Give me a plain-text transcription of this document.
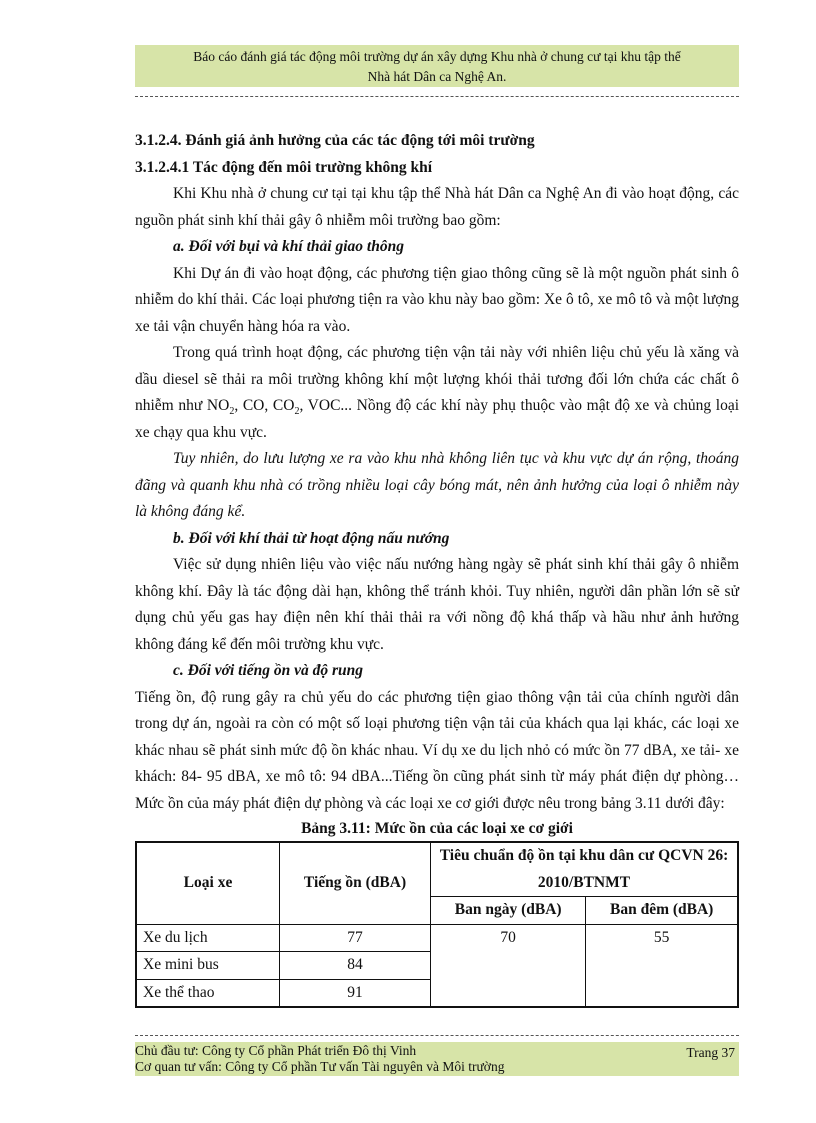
Báo cáo đánh giá tác động môi trường dự án xây dựng Khu nhà ở chung cư tại khu tập thể
Nhà hát Dân ca Nghệ An.

3.1.2.4. Đánh giá ảnh hưởng của các tác động tới môi trường

3.1.2.4.1 Tác động đến môi trường không khí

Khi Khu nhà ở chung cư tại tại khu tập thể Nhà hát Dân ca Nghệ An đi vào hoạt động, các nguồn phát sinh khí thải gây ô nhiễm môi trường bao gồm:

a. Đối với bụi và khí thải giao thông

Khi Dự án đi vào hoạt động, các phương tiện giao thông cũng sẽ là một nguồn phát sinh ô nhiễm do khí thải. Các loại phương tiện ra vào khu này bao gồm: Xe ô tô, xe mô tô và một lượng xe tải vận chuyển hàng hóa ra vào.

Trong quá trình hoạt động, các phương tiện vận tải này với nhiên liệu chủ yếu là xăng và dầu diesel sẽ thải ra môi trường không khí một lượng khói thải tương đối lớn chứa các chất ô nhiễm như $NO_2$, CO, $CO_2$, VOC... Nồng độ các khí này phụ thuộc vào mật độ xe và chủng loại xe chạy qua khu vực.

Tuy nhiên, do lưu lượng xe ra vào khu nhà không liên tục và khu vực dự án rộng, thoáng đãng và quanh khu nhà có trồng nhiều loại cây bóng mát, nên ảnh hưởng của loại ô nhiễm này là không đáng kể.

b. Đối với khí thải từ hoạt động nấu nướng

Việc sử dụng nhiên liệu vào việc nấu nướng hàng ngày sẽ phát sinh khí thải gây ô nhiễm không khí. Đây là tác động dài hạn, không thể tránh khỏi. Tuy nhiên, người dân phần lớn sẽ sử dụng chủ yếu gas hay điện nên khí thải thải ra với nồng độ khá thấp và hầu như ảnh hưởng không đáng kể đến môi trường khu vực.

c. Đối với tiếng ồn và độ rung

Tiếng ồn, độ rung gây ra chủ yếu do các phương tiện giao thông vận tải của chính người dân trong dự án, ngoài ra còn có một số loại phương tiện vận tải của khách qua lại khác, các loại xe khác nhau sẽ phát sinh mức độ ồn khác nhau. Ví dụ xe du lịch nhỏ có mức ồn 77 dBA, xe tải- xe khách: 84- 95 dBA, xe mô tô: 94 dBA...Tiếng ồn cũng phát sinh từ máy phát điện dự phòng… Mức ồn của máy phát điện dự phòng và các loại xe cơ giới được nêu trong bảng 3.11 dưới đây:

Bảng 3.11: Mức ồn của các loại xe cơ giới

Loại xe	Tiếng ồn (dBA)	Tiêu chuẩn độ ồn tại khu dân cư QCVN 26: 2010/BTNMT	
		Ban ngày (dBA)	Ban đêm (dBA)
Xe du lịch	77	70	55
Xe mini bus	84		
Xe thể thao	91		
Chủ đầu tư: Công ty Cổ phần Phát triển Đô thị Vinh
Cơ quan tư vấn: Công ty Cổ phần Tư vấn Tài nguyên và Môi trường
Trang 37
